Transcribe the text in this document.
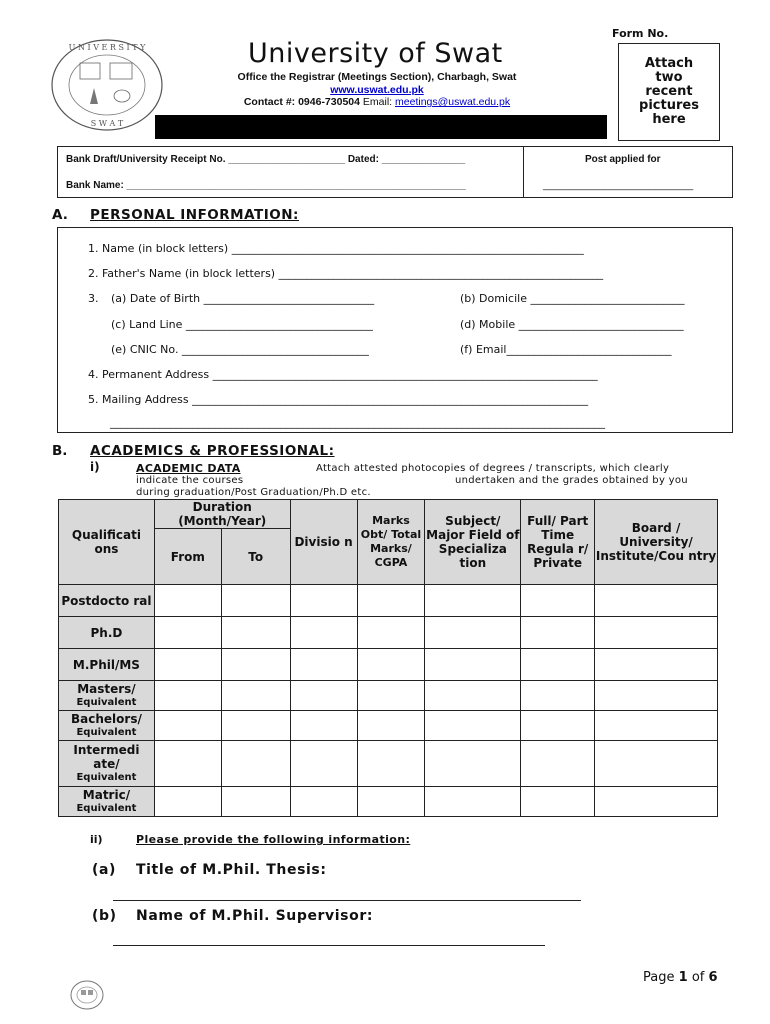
U N I V E R S I T Y
S W A T
University of Swat
Office the Registrar (Meetings Section), Charbagh, Swat
www.uswat.edu.pk
Contact #: 0946-730504 Email: meetings@uswat.edu.pk
Form No.
Attach
two
recent
pictures
here
Bank Draft/University Receipt No. _____________________ Dated: _______________	Post applied for
Bank Name: _____________________________________________________________	___________________________
A. PERSONAL INFORMATION:
1. Name (in block letters) ________________________________________________________________
2. Father's Name (in block letters) ___________________________________________________________
3. (a) Date of Birth _______________________________	(b) Domicile ____________________________
(c) Land Line __________________________________	(d) Mobile ______________________________
(e) CNIC No. __________________________________	(f) Email______________________________
4. Permanent Address ______________________________________________________________________
5. Mailing Address ________________________________________________________________________
__________________________________________________________________________________________
B. ACADEMICS & PROFESSIONAL:
i)	ACADEMIC DATA	Attach attested photocopies of degrees / transcripts, which clearly
indicate the courses	undertaken and the grades obtained by you
during graduation/Post Graduation/Ph.D etc.
Qualificati ons	Duration (Month/Year)		Divisio n	Marks Obt/ Total Marks/ CGPA	Subject/ Major Field of Specializa tion	Full/ Part Time Regula r/ Private	Board / University/ Institute/Cou ntry
	From	To					
Postdocto ral							
Ph.D							
M.Phil/MS							
Masters/
Equivalent							

Bachelors/
Equivalent							

Intermedi ate/
Equivalent							

Matric/
Equivalent							

ii)	Please provide the following information:
(a) Title of M.Phil. Thesis:
(b) Name of M.Phil. Supervisor:
Page 1 of 6
